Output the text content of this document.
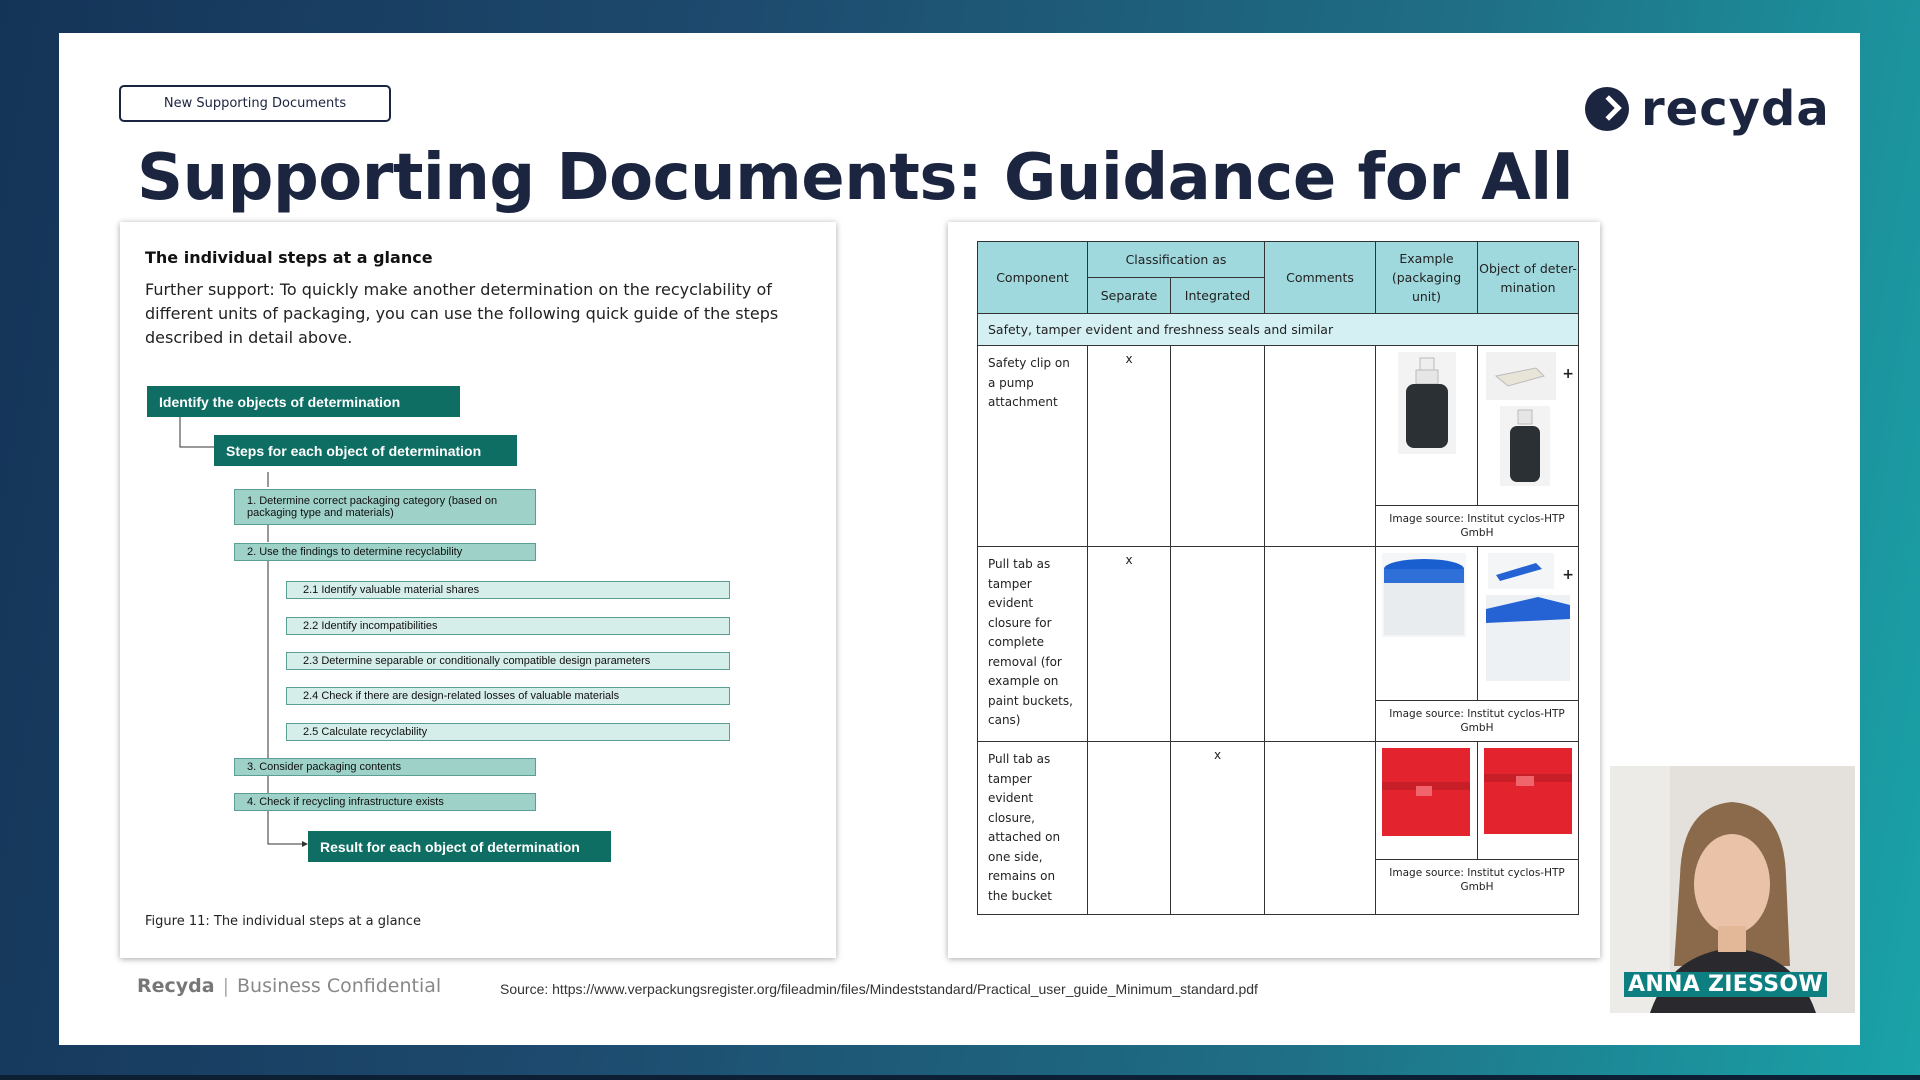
New Supporting Documents	recyda
Supporting Documents: Guidance for All
The individual steps at a glance
Further support: To quickly make another determination on the recyclability of different units of packaging, you can use the following quick guide of the steps described in detail above.
Identify the objects of determination
Steps for each object of determination
1. Determine correct packaging category (based on packaging type and materials)
2. Use the findings to determine recyclability
2.1 Identify valuable material shares
2.2 Identify incompatibilities
2.3 Determine separable or conditionally compatible design parameters
2.4 Check if there are design-related losses of valuable materials
2.5 Calculate recyclability
3. Consider packaging contents
4. Check if recycling infrastructure exists
Result for each object of determination
Figure 11: The individual steps at a glance
Component	Classification as		Comments	Example (packaging unit)	Object of deter-mination
	Separate	Integrated			
Safety, tamper evident and freshness seals and similar					
Safety clip on a pump attachment	x				+

				Image source: Institut cyclos-HTP GmbH	
Pull tab as tamper evident closure for complete removal (for example on paint buckets, cans)	x				+

				Image source: Institut cyclos-HTP GmbH	
Pull tab as tamper evident closure, attached on one side, remains on the bucket		x			
				Image source: Institut cyclos-HTP GmbH	
Recyda | Business Confidential	Source: https://www.verpackungsregister.org/fileadmin/files/Mindeststandard/Practical_user_guide_Minimum_standard.pdf	ANNA ZIESSOW
